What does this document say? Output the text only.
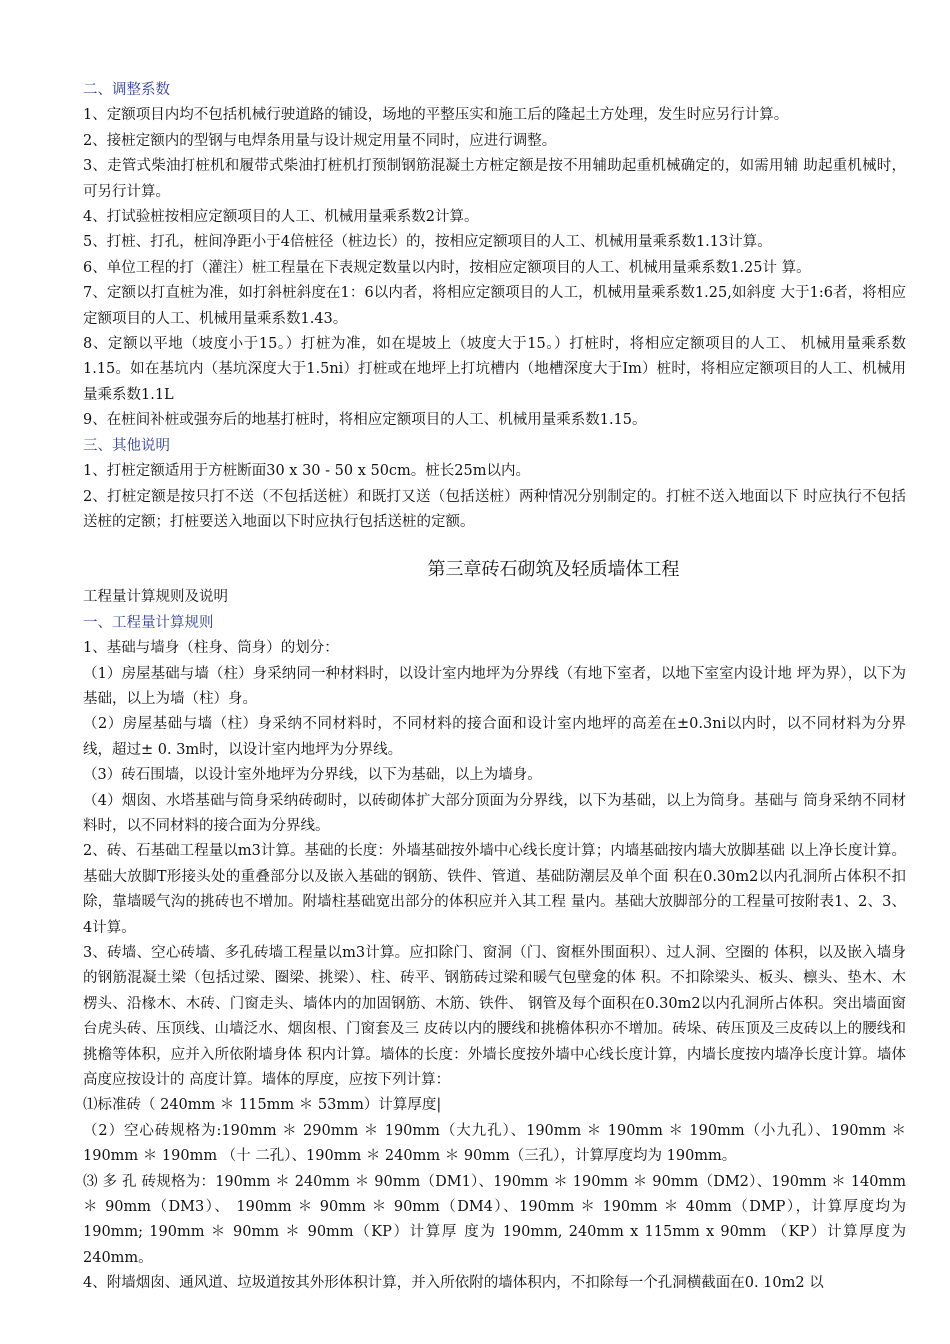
二、调整系数

1、定额项目内均不包括机械行驶道路的铺设，场地的平整压实和施工后的隆起土方处理，发生时应另行计算。

2、接桩定额内的型钢与电焊条用量与设计规定用量不同时，应进行调整。

3、走管式柴油打桩机和履带式柴油打桩机打预制钢筋混凝土方桩定额是按不用辅助起重机械确定的，如需用辅 助起重机械时，可另行计算。

4、打试验桩按相应定额项目的人工、机械用量乘系数2计算。

5、打桩、打孔，桩间净距小于4倍桩径（桩边长）的，按相应定额项目的人工、机械用量乘系数1.13计算。

6、单位工程的打（灌注）桩工程量在下表规定数量以内时，按相应定额项目的人工、机械用量乘系数1.25计 算。

7、定额以打直桩为准，如打斜桩斜度在1：6以内者，将相应定额项目的人工，机械用量乘系数1.25,如斜度 大于1:6者，将相应定额项目的人工、机械用量乘系数1.43。

8、定额以平地（坡度小于15。）打桩为准，如在堤坡上（坡度大于15。）打桩时，将相应定额项目的人工、 机械用量乘系数1.15。如在基坑内（基坑深度大于1.5ni）打桩或在地坪上打坑槽内（地槽深度大于Im）桩时，将相应定额项目的人工、机械用量乘系数1.1L

9、在桩间补桩或强夯后的地基打桩时，将相应定额项目的人工、机械用量乘系数1.15。

三、其他说明

1、打桩定额适用于方桩断面30 x 30 - 50 x 50cm。桩长25m以内。

2、打桩定额是按只打不送（不包括送桩）和既打又送（包括送桩）两种情况分别制定的。打桩不送入地面以下 时应执行不包括送桩的定额；打桩要送入地面以下时应执行包括送桩的定额。

第三章砖石砌筑及轻质墙体工程

工程量计算规则及说明

一、工程量计算规则

1、基础与墙身（柱身、筒身）的划分：

（1）房屋基础与墙（柱）身采纳同一种材料时，以设计室内地坪为分界线（有地下室者，以地下室室内设计地 坪为界），以下为基础，以上为墙（柱）身。

（2）房屋基础与墙（柱）身采纳不同材料时，不同材料的接合面和设计室内地坪的高差在±0.3ni以内时，以不同材料为分界线，超过± 0. 3m时，以设计室内地坪为分界线。

（3）砖石围墙，以设计室外地坪为分界线，以下为基础，以上为墙身。

（4）烟囱、水塔基础与筒身采纳砖砌时，以砖砌体扩大部分顶面为分界线，以下为基础，以上为筒身。基础与 筒身采纳不同材料时，以不同材料的接合面为分界线。

2、砖、石基础工程量以m3计算。基础的长度：外墙基础按外墙中心线长度计算；内墙基础按内墙大放脚基础 以上净长度计算。基础大放脚T形接头处的重叠部分以及嵌入基础的钢筋、铁件、管道、基础防潮层及单个面 积在0.30m2以内孔洞所占体积不扣除，靠墙暖气沟的挑砖也不增加。附墙柱基础宽出部分的体积应并入其工程 量内。基础大放脚部分的工程量可按附表1、2、3、4计算。

3、砖墙、空心砖墙、多孔砖墙工程量以m3计算。应扣除门、窗洞（门、窗框外围面积）、过人洞、空圈的 体积，以及嵌入墙身的钢筋混凝土梁（包括过梁、圈梁、挑梁）、柱、砖平、钢筋砖过梁和暖气包壁龛的体 积。不扣除梁头、板头、檩头、垫木、木楞头、沿椽木、木砖、门窗走头、墙体内的加固钢筋、木筋、铁件、 钢管及每个面积在0.30m2以内孔洞所占体积。突出墙面窗台虎头砖、压顶线、山墙泛水、烟囱根、门窗套及三 皮砖以内的腰线和挑檐体积亦不增加。砖垛、砖压顶及三皮砖以上的腰线和挑檐等体积，应并入所依附墙身体 积内计算。墙体的长度：外墙长度按外墙中心线长度计算，内墙长度按内墙净长度计算。墙体高度应按设计的 高度计算。墙体的厚度，应按下列计算：

⑴标准砖（ 240mm ＊ 115mm ＊ 53mm）计算厚度|

（2）空心砖规格为:190mm ＊ 290mm ＊ 190mm（大九孔）、190mm ＊ 190mm ＊ 190mm（小九孔）、190mm ＊ 190mm ＊ 190mm （十 二孔）、190mm ＊ 240mm ＊ 90mm（三孔），计算厚度均为 190mm。

⑶ 多 孔 砖规格为：190mm ＊ 240mm ＊ 90mm（DM1）、190mm ＊ 190mm ＊ 90mm（DM2）、190mm ＊ 140mm ＊ 90mm（DM3）、 190mm ＊ 90mm ＊ 90mm（DM4）、190mm ＊ 190mm ＊ 40mm（DMP），计算厚度均为 190mm; 190mm ＊ 90mm ＊ 90mm（KP）计算厚 度为 190mm, 240mm x 115mm x 90mm （KP）计算厚度为 240mm。

4、附墙烟囱、通风道、垃圾道按其外形体积计算，并入所依附的墙体积内，不扣除每一个孔洞横截面在0. 10m2 以
